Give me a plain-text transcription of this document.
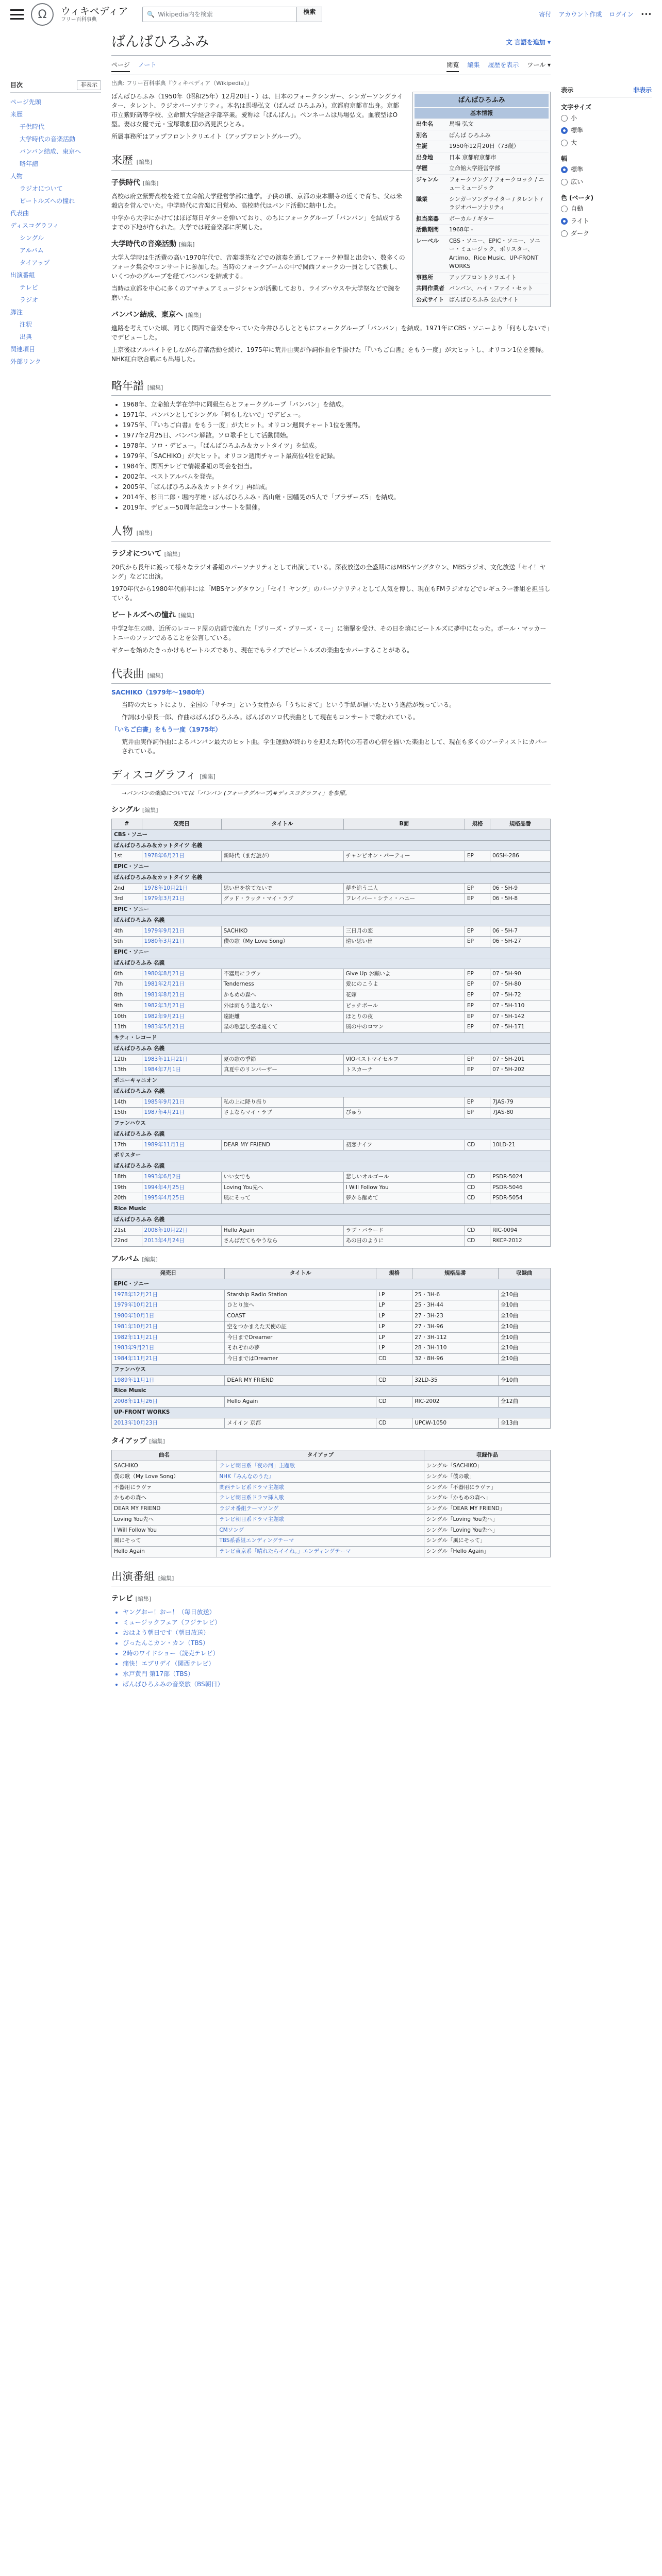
Ω	ウィキペディア
フリー百科事典
🔍 Wikipedia内を検索	検索	寄付 アカウント作成 ログイン •••
目次	非表示
ページ先頭
来歴
子供時代
大学時代の音楽活動
バンバン結成、東京へ
略年譜
人物
ラジオについて
ビートルズへの憧れ
代表曲
ディスコグラフィ
シングル
アルバム
タイアップ
出演番組
テレビ
ラジオ
脚注
注釈
出典
関連項目
外部リンク
ばんばひろふみ	文 言語を追加 ▾
ページ ノート	閲覧 編集 履歴を表示 ツール ▾
出典: フリー百科事典『ウィキペディア（Wikipedia）』
ばんばひろふみ
基本情報
出生名	馬場 弘文
別名	ばんば ひろふみ
生誕	1950年12月20日（73歳）
出身地	日本 京都府京都市
学歴	立命館大学経営学部
ジャンル	フォークソング / フォークロック / ニューミュージック
職業	シンガーソングライター / タレント / ラジオパーソナリティ
担当楽器	ボーカル / ギター
活動期間	1968年 -
レーベル	CBS・ソニー、EPIC・ソニー、ソニー・ミュージック、ポリスター、Artimo、Rice Music、UP-FRONT WORKS
事務所	アップフロントクリエイト
共同作業者 バンバン、ハイ・ファイ・セット
公式サイト ばんばひろふみ 公式サイト

ばんばひろふみ（1950年（昭和25年）12月20日 - ）は、日本のフォークシンガー、シンガーソングライター、タレント、ラジオパーソナリティ。本名は馬場弘文（ばんば ひろふみ）。京都府京都市出身。京都市立紫野高等学校、立命館大学経営学部卒業。愛称は「ばんばん」。ペンネームは馬場弘文。血液型はO型。妻は女優で元・宝塚歌劇団の高見沢ひとみ。

所属事務所はアップフロントクリエイト（アップフロントグループ）。

来歴 [編集]
子供時代 [編集]

高校は府立紫野高校を経て立命館大学経営学部に進学。子供の頃、京都の東本願寺の近くで育ち、父は米穀店を営んでいた。中学時代に音楽に目覚め、高校時代はバンド活動に熱中した。

中学から大学にかけてはほぼ毎日ギターを弾いており、のちにフォークグループ「バンバン」を結成するまでの下地が作られた。大学では軽音楽部に所属した。

大学時代の音楽活動 [編集]

大学入学時は生活費の高い1970年代で、音楽喫茶などでの演奏を通してフォーク仲間と出会い、数多くのフォーク集会やコンサートに参加した。当時のフォークブームの中で関西フォークの一員として活動し、いくつかのグループを経てバンバンを結成する。

当時は京都を中心に多くのアマチュアミュージシャンが活動しており、ライブハウスや大学祭などで腕を磨いた。

バンバン結成、東京へ [編集]

進路を考えていた頃、同じく関西で音楽をやっていた今井ひろしとともにフォークグループ「バンバン」を結成。1971年にCBS・ソニーより「何もしないで」でデビューした。

上京後はアルバイトをしながら音楽活動を続け、1975年に荒井由実が作詞作曲を手掛けた「『いちご白書』をもう一度」が大ヒットし、オリコン1位を獲得。NHK紅白歌合戦にも出場した。

略年譜 [編集]
• 1968年、立命館大学在学中に同級生らとフォークグループ「バンバン」を結成。
• 1971年、バンバンとしてシングル「何もしないで」でデビュー。
• 1975年、「『いちご白書』をもう一度」が大ヒット。オリコン週間チャート1位を獲得。
• 1977年2月25日、バンバン解散。ソロ歌手として活動開始。
• 1978年、ソロ・デビュー。「ばんばひろふみ＆カットタイツ」を結成。
• 1979年、「SACHIKO」が大ヒット。オリコン週間チャート最高位4位を記録。
• 1984年、関西テレビで情報番組の司会を担当。
• 2002年、ベストアルバムを発売。
• 2005年、「ばんばひろふみ＆カットタイツ」再結成。
• 2014年、杉田二郎・堀内孝雄・ばんばひろふみ・高山厳・因幡晃の5人で「ブラザーズ5」を結成。
• 2019年、デビュー50周年記念コンサートを開催。
人物 [編集]
ラジオについて [編集]

20代から長年に渡って様々なラジオ番組のパーソナリティとして出演している。深夜放送の全盛期にはMBSヤングタウン、MBSラジオ、文化放送「セイ！ヤング」などに出演。

1970年代から1980年代前半には「MBSヤングタウン」「セイ！ヤング」のパーソナリティとして人気を博し、現在もFMラジオなどでレギュラー番組を担当している。

ビートルズへの憧れ [編集]

中学2年生の時、近所のレコード屋の店頭で流れた「プリーズ・プリーズ・ミー」に衝撃を受け、その日を境にビートルズに夢中になった。ポール・マッカートニーのファンであることを公言している。

ギターを始めたきっかけもビートルズであり、現在でもライブでビートルズの楽曲をカバーすることがある。

代表曲 [編集]

SACHIKO（1979年〜1980年）

当時の大ヒットにより、全国の「サチコ」という女性から「うちにきて」という手紙が届いたという逸話が残っている。

作詞は小泉長一郎、作曲はばんばひろふみ。ばんばのソロ代表曲として現在もコンサートで歌われている。

「いちご白書」をもう一度（1975年）

荒井由実作詞作曲によるバンバン最大のヒット曲。学生運動が終わりを迎えた時代の若者の心情を描いた楽曲として、現在も多くのアーティストにカバーされている。

ディスコグラフィ [編集]
→バンバンの楽曲については「バンバン (フォークグループ)#ディスコグラフィ」を参照。
シングル [編集]
#	発売日	タイトル	B面	規格	規格品番
CBS・ソニー					
ばんばひろふみ＆カットタイツ 名義					
1st	1978年6月21日	新時代（まだ旅が）	チャンピオン・パーティー	EP	06SH-286
EPIC・ソニー					
ばんばひろふみ＆カットタイツ 名義					
2nd	1978年10月21日	思い出を捨てないで	夢を追う二人	EP	06・5H-9
3rd	1979年3月21日	グッド・ラック・マイ・ラブ	フレイバー・シティ・ハニー	EP	06・5H-8
EPIC・ソニー					
ばんばひろふみ 名義					
4th	1979年9月21日	SACHIKO	三日月の恋	EP	06・5H-7
5th	1980年3月21日	僕の歌（My Love Song）	遠い思い出	EP	06・5H-27
EPIC・ソニー					
ばんばひろふみ 名義					
6th	1980年8月21日	不器用にラヴァ	Give Up お願いよ	EP	07・5H-90
7th	1981年2月21日	Tenderness	愛にのこうよ	EP	07・5H-80
8th	1981年8月21日	かもめの森へ	花嫁	EP	07・5H-72
9th	1982年3月21日	外は雨もう逢えない	ピッチボール	EP	07・5H-110
10th	1982年9月21日	遠距離	ほとりの夜	EP	07・5H-142
11th	1983年5月21日	星の歌悲し空は遠くて	風の中のロマン	EP	07・5H-171
キティ・レコード					
ばんばひろふみ 名義					
12th	1983年11月21日	夏の歌の季節	VIOベストマイセルフ	EP	07・5H-201
13th	1984年7月1日	真夏中のリンバーザー	トスカーナ	EP	07・5H-202
ポニーキャニオン					
ばんばひろふみ 名義					
14th	1985年9月21日	私の上に降り振り		EP	7JAS-79
15th	1987年4月21日	さよならマイ・ラブ	ぴゅう	EP	7JAS-80
ファンハウス					
ばんばひろふみ 名義					
17th	1989年11月1日	DEAR MY FRIEND	初恋ナイフ	CD	10LD-21
ポリスター					
ばんばひろふみ 名義					
18th	1993年6月2日	いい女でも	悲しいオルゴール	CD	PSDR-5024
19th	1994年4月25日	Loving You先へ	I Will Follow You	CD	PSDR-5046
20th	1995年4月25日	風にそって	夢から醒めて	CD	PSDR-5054
Rice Music					
ばんばひろふみ 名義					
21st	2008年10月22日	Hello Again	ラブ・バラード	CD	RIC-0094
22nd	2013年4月24日	さんぱだてもやうなら	あの日のように	CD	RKCP-2012
アルバム [編集]
発売日	タイトル	規格	規格品番	収録曲
EPIC・ソニー				
1978年12月21日	Starship Radio Station	LP	25・3H-6	全10曲
1979年10月21日	ひとり旅へ	LP	25・3H-44	全10曲
1980年10月1日	COAST	LP	27・3H-23	全10曲
1981年10月21日	空をつかまえた天使の証	LP	27・3H-96	全10曲
1982年11月21日	今日までDreamer	LP	27・3H-112	全10曲
1983年9月21日	それぞれの夢	LP	28・3H-110	全10曲
1984年11月21日	今日まではDreamer	CD	32・8H-96	全10曲
ファンハウス				
1989年11月1日	DEAR MY FRIEND	CD	32LD-35	全10曲
Rice Music				
2008年11月26日	Hello Again	CD	RIC-2002	全12曲
UP-FRONT WORKS				
2013年10月23日	メイイン 京都	CD	UPCW-1050	全13曲
タイアップ [編集]
曲名	タイアップ	収録作品
SACHIKO	テレビ朝日系「夜の河」主題歌	シングル「SACHIKO」
僕の歌（My Love Song）	NHK『みんなのうた』	シングル「僕の歌」
不器用にラヴァ	関西テレビ系ドラマ主題歌	シングル「不器用にラヴァ」
かもめの森へ	テレビ朝日系ドラマ挿入歌	シングル「かもめの森へ」
DEAR MY FRIEND	ラジオ番組テーマソング	シングル「DEAR MY FRIEND」
Loving You先へ	テレビ朝日系ドラマ主題歌	シングル「Loving You先へ」
I Will Follow You	CMソング	シングル「Loving You先へ」
風にそって	TBS系番組エンディングテーマ	シングル「風にそって」
Hello Again	テレビ東京系「晴れたらイイね。」エンディングテーマ	シングル「Hello Again」
出演番組 [編集]
テレビ [編集]
• ヤングおー！おー！（毎日放送）
• ミュージックフェア（フジテレビ）
• おはよう朝日です（朝日放送）
• ぴったんこカン・カン（TBS）
• 2時のワイドショー（読売テレビ）
• 痛快！エブリデイ（関西テレビ）
• 水戸黄門 第17部（TBS）
• ばんばひろふみの音楽旅（BS朝日）
表示	非表示
文字サイズ
小
標準
大
幅
標準
広い
色 (ベータ)
自動
ライト
ダーク
